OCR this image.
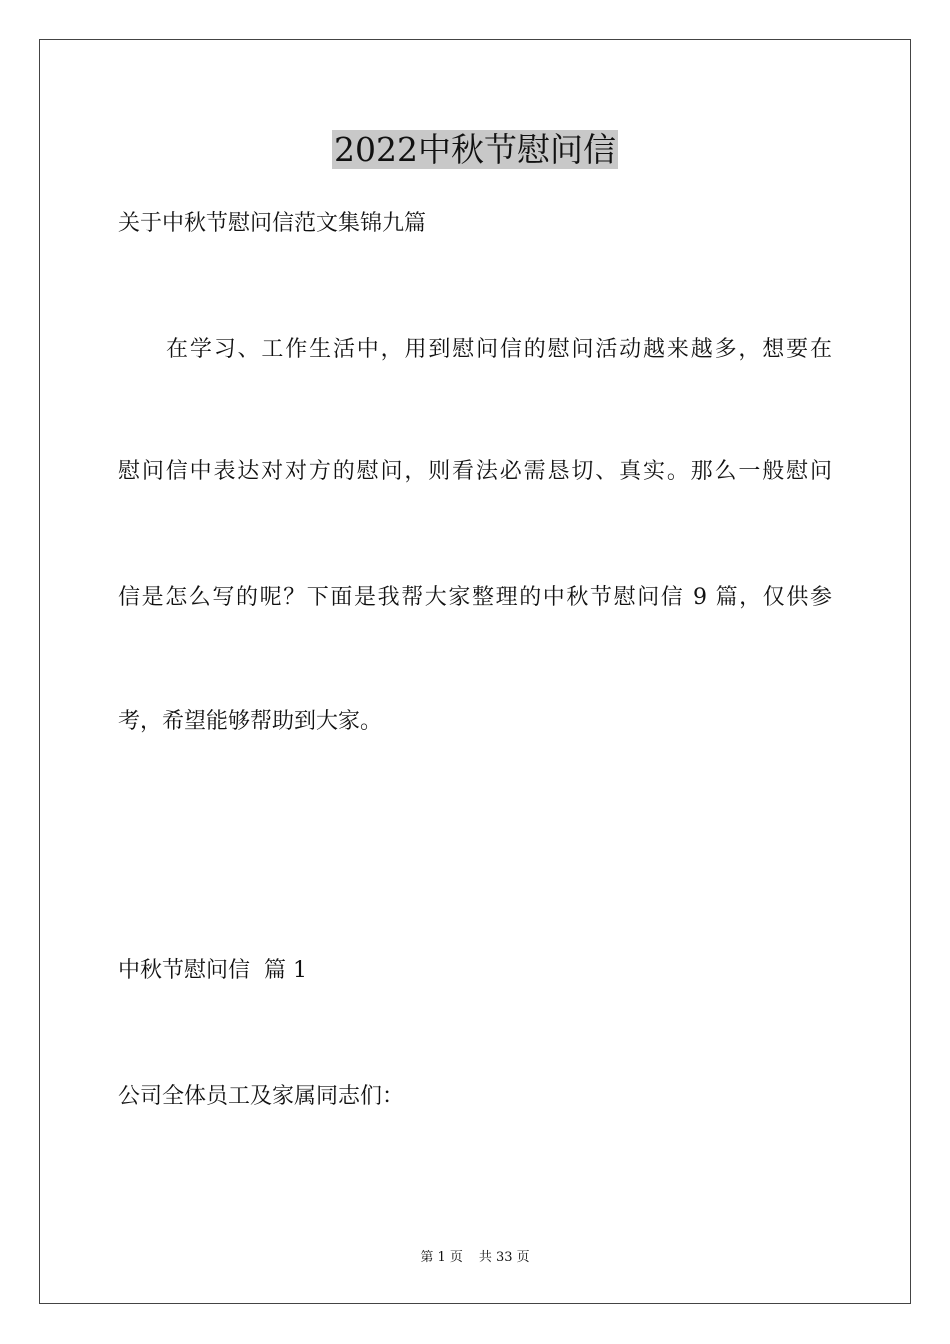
2022中秋节慰问信

关于中秋节慰问信范文集锦九篇

在学习、工作生活中，用到慰问信的慰问活动越来越多，想要在

慰问信中表达对对方的慰问，则看法必需恳切、真实。那么一般慰问

信是怎么写的呢？下面是我帮大家整理的中秋节慰问信 9 篇，仅供参

考，希望能够帮助到大家。

中秋节慰问信  篇 1

公司全体员工及家属同志们：

第 1 页 共 33 页
